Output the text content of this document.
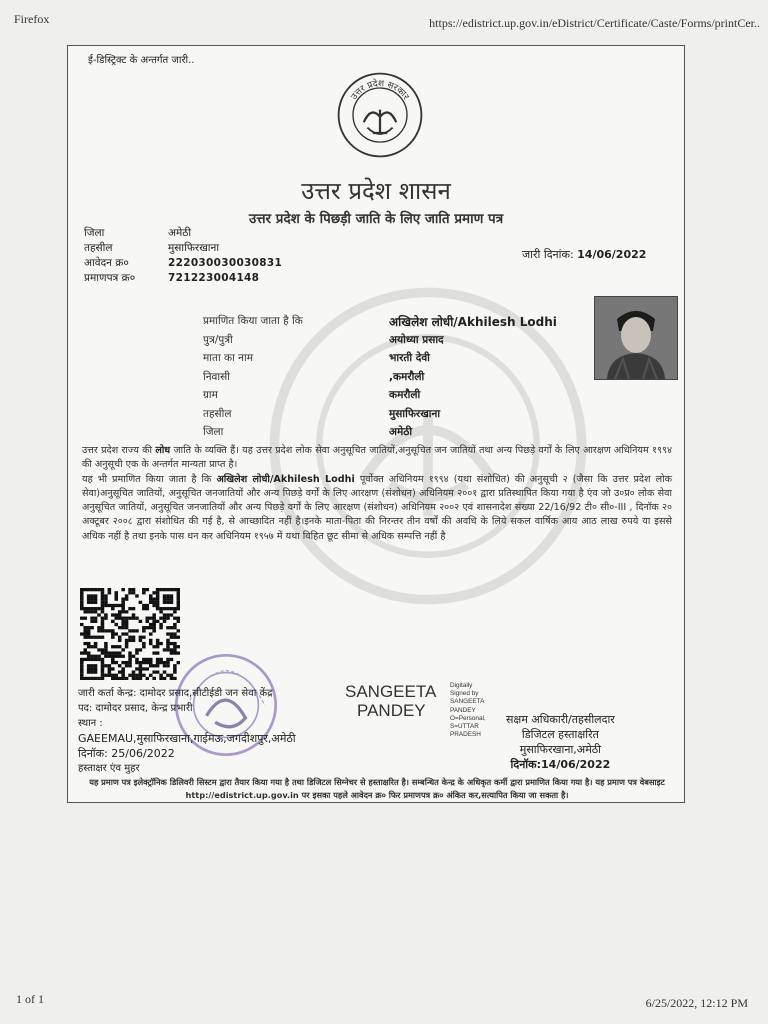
Firefox	https://edistrict.up.gov.in/eDistrict/Certificate/Caste/Forms/printCer..
ई-डिस्ट्रिक्ट के अन्तर्गत जारी..
उत्तर प्रदेश सरकार
उत्तर प्रदेश शासन
उत्तर प्रदेश के पिछड़ी जाति के लिए जाति प्रमाण पत्र
जिला	अमेठी
तहसील	मुसाफिरखाना
आवेदन क्र०	222030030030831
प्रमाणपत्र क्र०	721223004148
जारी दिनांक: 14/06/2022
प्रमाणित किया जाता है कि	अखिलेश लोधी/Akhilesh Lodhi
पुत्र/पुत्री	अयोध्या प्रसाद
माता का नाम	भारती देवी
निवासी	,कमरौली
ग्राम	कमरौली
तहसील	मुसाफिरखाना
जिला	अमेठी
उत्तर प्रदेश राज्य की लोध जाति के व्यक्ति हैं। यह उत्तर प्रदेश लोक सेवा अनुसूचित जातियों,अनुसूचित जन जातियों तथा अन्य पिछड़े वर्गों के लिए आरक्षण अधिनियम १९९४ की अनुसूची एक के अन्तर्गत मान्यता प्राप्त है।
यह भी प्रमाणित किया जाता है कि अखिलेश लोधी/Akhilesh Lodhi पूर्वोक्त अधिनियम १९९४ (यथा संशोधित) की अनुसूची २ (जैसा कि उत्तर प्रदेश लोक सेवा)अनुसूचित जातियों, अनुसूचित जनजातियों और अन्य पिछड़े वर्गों के लिए आरक्षण (संशोधन) अधिनियम २००१ द्वारा प्रतिस्थापित किया गया है एंव जो उ०प्र० लोक सेवा अनुसूचित जातियों, अनुसूचित जनजातियों और अन्य पिछड़े वर्गों के लिए आरक्षण (संशोधन) अधिनियम २००२ एवं शासनादेश संख्या 22/16/92 टी० सी०-III , दिनॉक २० अक्टूबर २००८ द्वारा संशोधित की गई है, से आच्छादित नहीं है।इनके माता-पिता की निरन्तर तीन वर्षों की अवधि के लिये सकल वार्षिक आय आठ लाख रुपये या इससे अधिक नहीं है तथा इनके पास धन कर अधिनियम १९५७ में यथा विहित छूट सीमा से अधिक सम्पत्ति नहीं है
जारी कर्ता केन्द्र: दामोदर प्रसाद,सीटीईडी जन सेवा केंद्र
पद: दामोदर प्रसाद, केन्द्र प्रभारी
स्थान :
GAEEMAU,मुसाफिरखाना,गाईमऊ,जगदीशपुर,अमेठी
दिनॉक: 25/06/2022
हस्ताक्षर एंव मुहर
SANGEETA
PANDEY
Digitally
Signed by
SANGEETA
PANDEY
O=Personal,
S=UTTAR
PRADESH
सक्षम अधिकारी/तहसीलदार
डिजिटल हस्ताक्षरित
मुसाफिरखाना,अमेठी
दिनॉक:14/06/2022
यह प्रमाण पत्र इलेक्ट्रॉनिक डिलिवरी सिस्टम द्वारा तैयार किया गया है तथा डिजिटल सिग्नेचर से हस्ताक्षरित है। सम्बन्धित केन्द्र के अधिकृत कर्मी द्वारा प्रमाणित किया गया है। यह प्रमाण पत्र वेबसाइट http://edistrict.up.gov.in पर इसका पहले आवेदन क्र० फिर प्रमाणपत्र क्र० अंकित कर,सत्यापित किया जा सकता है।
1 of 1	6/25/2022, 12:12 PM
